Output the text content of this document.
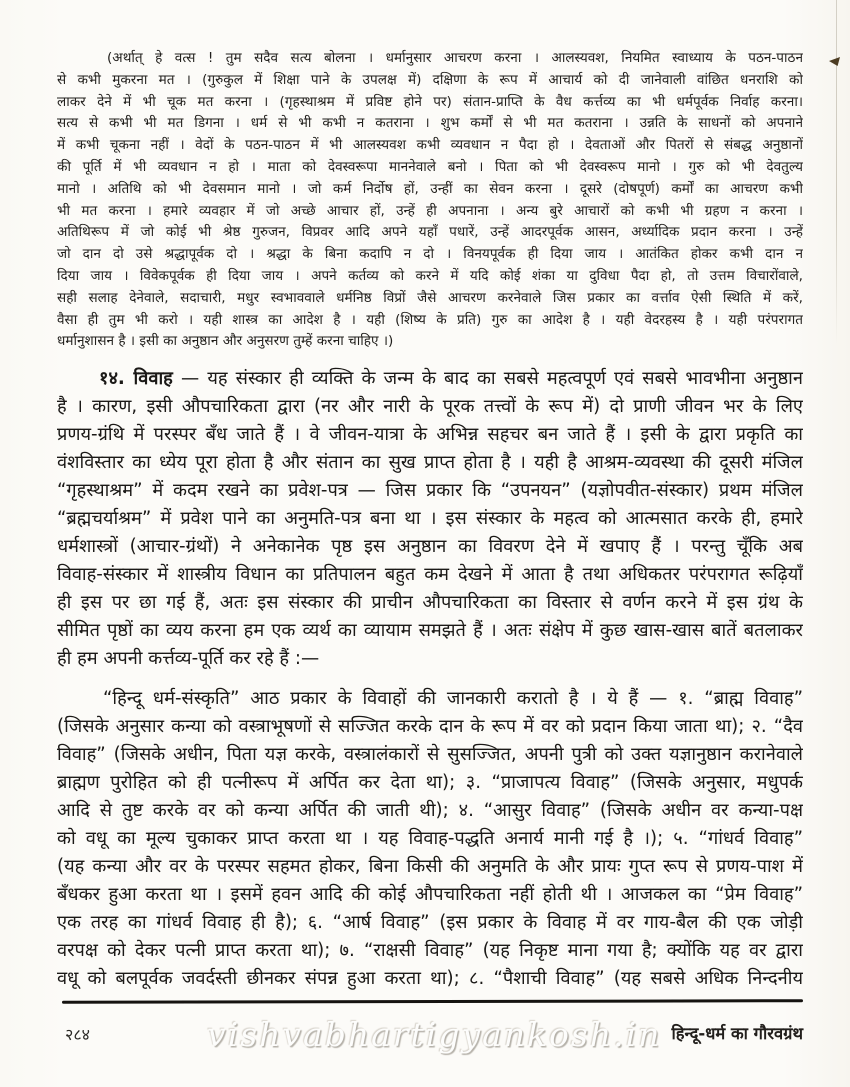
(अर्थात् हे वत्स ! तुम सदैव सत्य बोलना । धर्मानुसार आचरण करना । आलस्यवश, नियमित स्वाध्याय के पठन-पाठन
से कभी मुकरना मत । (गुरुकुल में शिक्षा पाने के उपलक्ष में) दक्षिणा के रूप में आचार्य को दी जानेवाली वांछित धनराशि को
लाकर देने में भी चूक मत करना । (गृहस्थाश्रम में प्रविष्ट होने पर) संतान-प्राप्ति के वैध कर्त्तव्य का भी धर्मपूर्वक निर्वाह करना।
सत्य से कभी भी मत डिगना । धर्म से भी कभी न कतराना । शुभ कर्मों से भी मत कतराना । उन्नति के साधनों को अपनाने
में कभी चूकना नहीं । वेदों के पठन-पाठन में भी आलस्यवश कभी व्यवधान न पैदा हो । देवताओं और पितरों से संबद्ध अनुष्ठानों
की पूर्ति में भी व्यवधान न हो । माता को देवस्वरूपा माननेवाले बनो । पिता को भी देवस्वरूप मानो । गुरु को भी देवतुल्य
मानो । अतिथि को भी देवसमान मानो । जो कर्म निर्दोष हों, उन्हीं का सेवन करना । दूसरे (दोषपूर्ण) कर्मों का आचरण कभी
भी मत करना । हमारे व्यवहार में जो अच्छे आचार हों, उन्हें ही अपनाना । अन्य बुरे आचारों को कभी भी ग्रहण न करना ।
अतिथिरूप में जो कोई भी श्रेष्ठ गुरुजन, विप्रवर आदि अपने यहाँ पधारें, उन्हें आदरपूर्वक आसन, अर्ध्यादिक प्रदान करना । उन्हें
जो दान दो उसे श्रद्धापूर्वक दो । श्रद्धा के बिना कदापि न दो । विनयपूर्वक ही दिया जाय । आतंकित होकर कभी दान न
दिया जाय । विवेकपूर्वक ही दिया जाय । अपने कर्तव्य को करने में यदि कोई शंका या दुविधा पैदा हो, तो उत्तम विचारोंवाले,
सही सलाह देनेवाले, सदाचारी, मधुर स्वभाववाले धर्मनिष्ठ विप्रों जैसे आचरण करनेवाले जिस प्रकार का वर्त्ताव ऐसी स्थिति में करें,
वैसा ही तुम भी करो । यही शास्त्र का आदेश है । यही (शिष्य के प्रति) गुरु का आदेश है । यही वेदरहस्य है । यही परंपरागत
धर्मानुशासन है । इसी का अनुष्ठान और अनुसरण तुम्हें करना चाहिए ।)
१४. विवाह — यह संस्कार ही व्यक्ति के जन्म के बाद का सबसे महत्वपूर्ण एवं सबसे भावभीना अनुष्ठान
है । कारण, इसी औपचारिकता द्वारा (नर और नारी के पूरक तत्त्वों के रूप में) दो प्राणी जीवन भर के लिए
प्रणय-ग्रंथि में परस्पर बँध जाते हैं । वे जीवन-यात्रा के अभिन्न सहचर बन जाते हैं । इसी के द्वारा प्रकृति का
वंशविस्तार का ध्येय पूरा होता है और संतान का सुख प्राप्त होता है । यही है आश्रम-व्यवस्था की दूसरी मंजिल
“गृहस्थाश्रम” में कदम रखने का प्रवेश-पत्र — जिस प्रकार कि “उपनयन” (यज्ञोपवीत-संस्कार) प्रथम मंजिल
“ब्रह्मचर्याश्रम” में प्रवेश पाने का अनुमति-पत्र बना था । इस संस्कार के महत्व को आत्मसात करके ही, हमारे
धर्मशास्त्रों (आचार-ग्रंथों) ने अनेकानेक पृष्ठ इस अनुष्ठान का विवरण देने में खपाए हैं । परन्तु चूँकि अब
विवाह-संस्कार में शास्त्रीय विधान का प्रतिपालन बहुत कम देखने में आता है तथा अधिकतर परंपरागत रूढ़ियाँ
ही इस पर छा गई हैं, अतः इस संस्कार की प्राचीन औपचारिकता का विस्तार से वर्णन करने में इस ग्रंथ के
सीमित पृष्ठों का व्यय करना हम एक व्यर्थ का व्यायाम समझते हैं । अतः संक्षेप में कुछ खास-खास बातें बतलाकर
ही हम अपनी कर्त्तव्य-पूर्ति कर रहे हैं :—
“हिन्दू धर्म-संस्कृति” आठ प्रकार के विवाहों की जानकारी करातो है । ये हैं — १. “ब्राह्म विवाह”
(जिसके अनुसार कन्या को वस्त्राभूषणों से सज्जित करके दान के रूप में वर को प्रदान किया जाता था); २. “दैव
विवाह” (जिसके अधीन, पिता यज्ञ करके, वस्त्रालंकारों से सुसज्जित, अपनी पुत्री को उक्त यज्ञानुष्ठान करानेवाले
ब्राह्मण पुरोहित को ही पत्नीरूप में अर्पित कर देता था); ३. “प्राजापत्य विवाह” (जिसके अनुसार, मधुपर्क
आदि से तुष्ट करके वर को कन्या अर्पित की जाती थी); ४. “आसुर विवाह” (जिसके अधीन वर कन्या-पक्ष
को वधू का मूल्य चुकाकर प्राप्त करता था । यह विवाह-पद्धति अनार्य मानी गई है ।); ५. “गांधर्व विवाह”
(यह कन्या और वर के परस्पर सहमत होकर, बिना किसी की अनुमति के और प्रायः गुप्त रूप से प्रणय-पाश में
बँधकर हुआ करता था । इसमें हवन आदि की कोई औपचारिकता नहीं होती थी । आजकल का “प्रेम विवाह”
एक तरह का गांधर्व विवाह ही है); ६. “आर्ष विवाह” (इस प्रकार के विवाह में वर गाय-बैल की एक जोड़ी
वरपक्ष को देकर पत्नी प्राप्त करता था); ७. “राक्षसी विवाह” (यह निकृष्ट माना गया है; क्योंकि यह वर द्वारा
वधू को बलपूर्वक जवर्दस्ती छीनकर संपन्न हुआ करता था); ८. “पैशाची विवाह” (यह सबसे अधिक निन्दनीय
२८४	vishvabhartigyankosh.in हिन्दू-धर्म का गौरवग्रंथ
